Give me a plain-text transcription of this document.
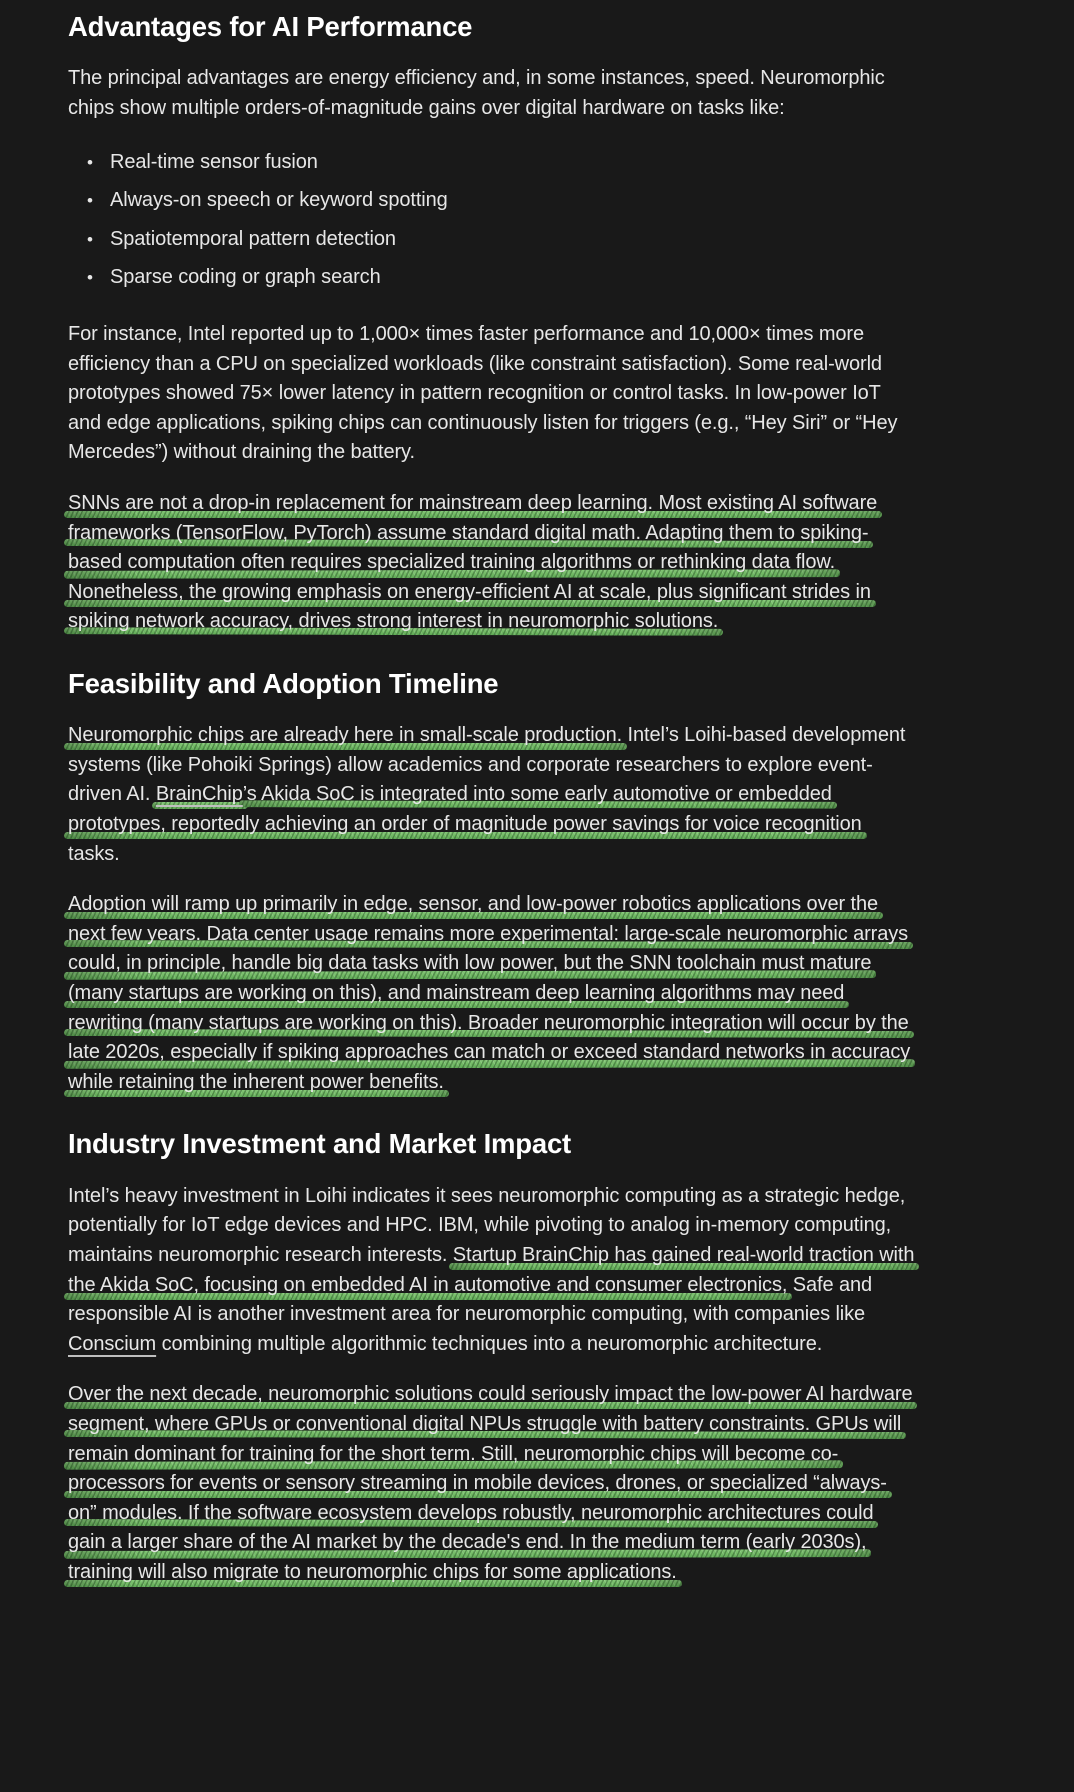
Advantages for AI Performance
The principal advantages are energy efficiency and, in some instances, speed. Neuromorphic
chips show multiple orders-of-magnitude gains over digital hardware on tasks like:
• Real-time sensor fusion
• Always-on speech or keyword spotting
• Spatiotemporal pattern detection
• Sparse coding or graph search
For instance, Intel reported up to 1,000× times faster performance and 10,000× times more
efficiency than a CPU on specialized workloads (like constraint satisfaction). Some real-world
prototypes showed 75× lower latency in pattern recognition or control tasks. In low-power IoT
and edge applications, spiking chips can continuously listen for triggers (e.g., “Hey Siri” or “Hey
Mercedes”) without draining the battery.
SNNs are not a drop-in replacement for mainstream deep learning. Most existing AI software
frameworks (TensorFlow, PyTorch) assume standard digital math. Adapting them to spiking-
based computation often requires specialized training algorithms or rethinking data flow.
Nonetheless, the growing emphasis on energy-efficient AI at scale, plus significant strides in
spiking network accuracy, drives strong interest in neuromorphic solutions.
Feasibility and Adoption Timeline
Neuromorphic chips are already here in small-scale production. Intel’s Loihi-based development
systems (like Pohoiki Springs) allow academics and corporate researchers to explore event-
driven AI. BrainChip’s Akida SoC is integrated into some early automotive or embedded
prototypes, reportedly achieving an order of magnitude power savings for voice recognition
tasks.
Adoption will ramp up primarily in edge, sensor, and low-power robotics applications over the
next few years. Data center usage remains more experimental: large-scale neuromorphic arrays
could, in principle, handle big data tasks with low power, but the SNN toolchain must mature
(many startups are working on this), and mainstream deep learning algorithms may need
rewriting (many startups are working on this). Broader neuromorphic integration will occur by the
late 2020s, especially if spiking approaches can match or exceed standard networks in accuracy
while retaining the inherent power benefits.
Industry Investment and Market Impact
Intel’s heavy investment in Loihi indicates it sees neuromorphic computing as a strategic hedge,
potentially for IoT edge devices and HPC. IBM, while pivoting to analog in-memory computing,
maintains neuromorphic research interests. Startup BrainChip has gained real-world traction with
the Akida SoC, focusing on embedded AI in automotive and consumer electronics, Safe and
responsible AI is another investment area for neuromorphic computing, with companies like
Conscium combining multiple algorithmic techniques into a neuromorphic architecture.
Over the next decade, neuromorphic solutions could seriously impact the low-power AI hardware
segment, where GPUs or conventional digital NPUs struggle with battery constraints. GPUs will
remain dominant for training for the short term. Still, neuromorphic chips will become co-
processors for events or sensory streaming in mobile devices, drones, or specialized “always-
on” modules. If the software ecosystem develops robustly, neuromorphic architectures could
gain a larger share of the AI market by the decade's end. In the medium term (early 2030s),
training will also migrate to neuromorphic chips for some applications.
